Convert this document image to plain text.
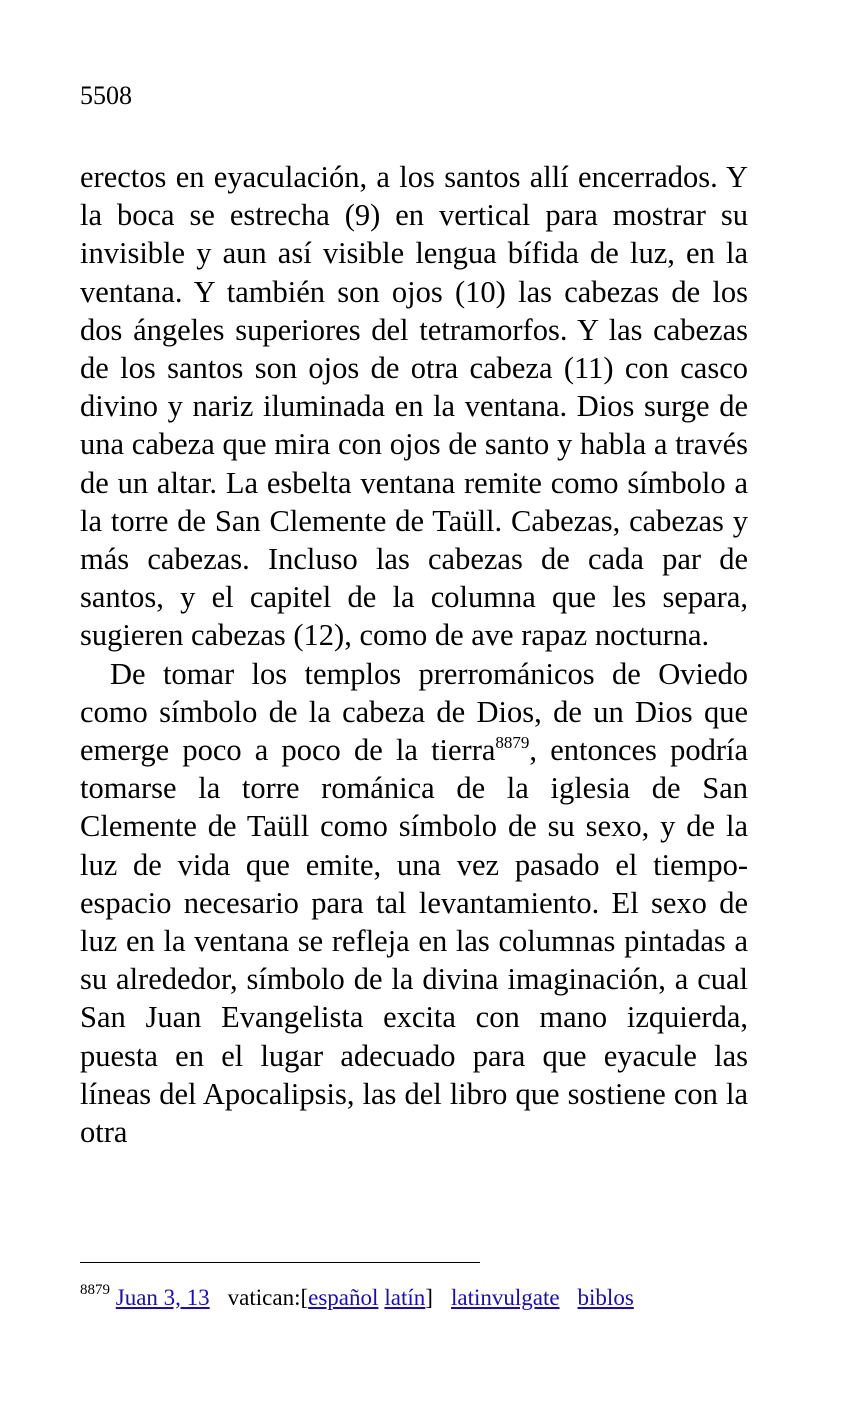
5508

erectos en eyaculación, a los santos allí encerrados. Y la boca se estrecha (9) en vertical para mostrar su invisible y aun así visible lengua bífida de luz, en la ventana. Y también son ojos (10) las cabezas de los dos ángeles superiores del tetramorfos. Y las cabezas de los santos son ojos de otra cabeza (11) con casco divino y nariz iluminada en la ventana. Dios surge de una cabeza que mira con ojos de santo y habla a través de un altar. La esbelta ventana remite como símbolo a la torre de San Clemente de Taüll. Cabezas, cabezas y más cabezas. Incluso las cabezas de cada par de santos, y el capitel de la columna que les separa, sugieren cabezas (12), como de ave rapaz nocturna.

De tomar los templos prerrománicos de Oviedo como símbolo de la cabeza de Dios, de un Dios que emerge poco a poco de la tierra$^{8879}$, entonces podría tomarse la torre románica de la iglesia de San Clemente de Taüll como símbolo de su sexo, y de la luz de vida que emite, una vez pasado el tiempo-espacio necesario para tal levantamiento. El sexo de luz en la ventana se refleja en las columnas pintadas a su alrededor, símbolo de la divina imaginación, a cual San Juan Evangelista excita con mano izquierda, puesta en el lugar adecuado para que eyacule las líneas del Apocalipsis, las del libro que sostiene con la otra

$^{8879}$ Juan 3, 13 vatican:[español latín] latinvulgate biblos
